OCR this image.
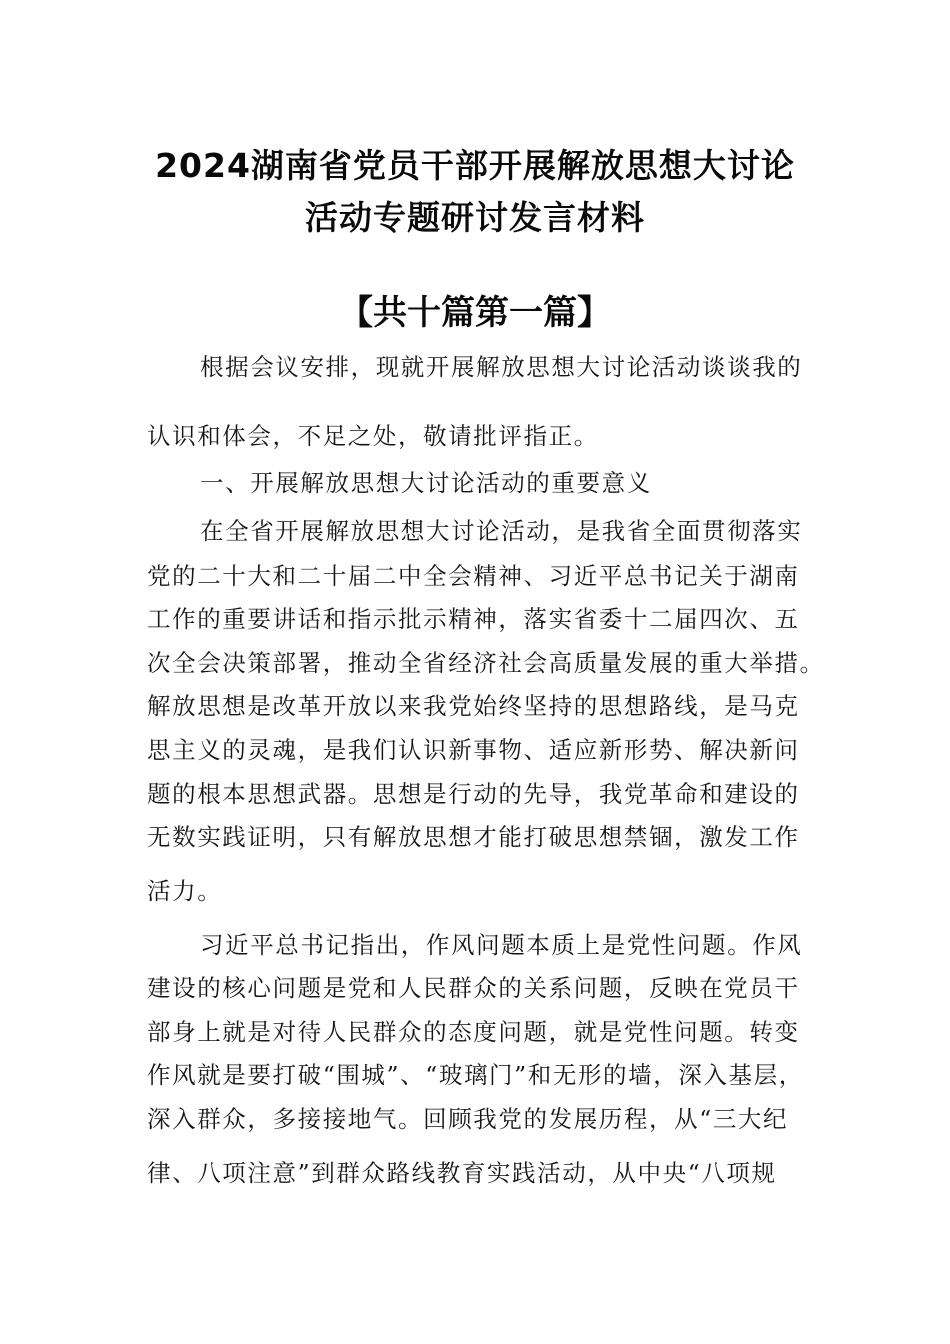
2024湖南省党员干部开展解放思想大讨论
活动专题研讨发言材料
【共十篇第一篇】
根据会议安排，现就开展解放思想大讨论活动谈谈我的
认识和体会，不足之处，敬请批评指正。
一、开展解放思想大讨论活动的重要意义
在全省开展解放思想大讨论活动，是我省全面贯彻落实
党的二十大和二十届二中全会精神、习近平总书记关于湖南
工作的重要讲话和指示批示精神，落实省委十二届四次、五
次全会决策部署，推动全省经济社会高质量发展的重大举措。
解放思想是改革开放以来我党始终坚持的思想路线，是马克
思主义的灵魂，是我们认识新事物、适应新形势、解决新问
题的根本思想武器。思想是行动的先导，我党革命和建设的
无数实践证明，只有解放思想才能打破思想禁锢，激发工作
活力。
习近平总书记指出，作风问题本质上是党性问题。作风
建设的核心问题是党和人民群众的关系问题，反映在党员干
部身上就是对待人民群众的态度问题，就是党性问题。转变
作风就是要打破“围城”、“玻璃门”和无形的墙，深入基层，
深入群众，多接接地气。回顾我党的发展历程，从“三大纪
律、八项注意”到群众路线教育实践活动，从中央“八项规
